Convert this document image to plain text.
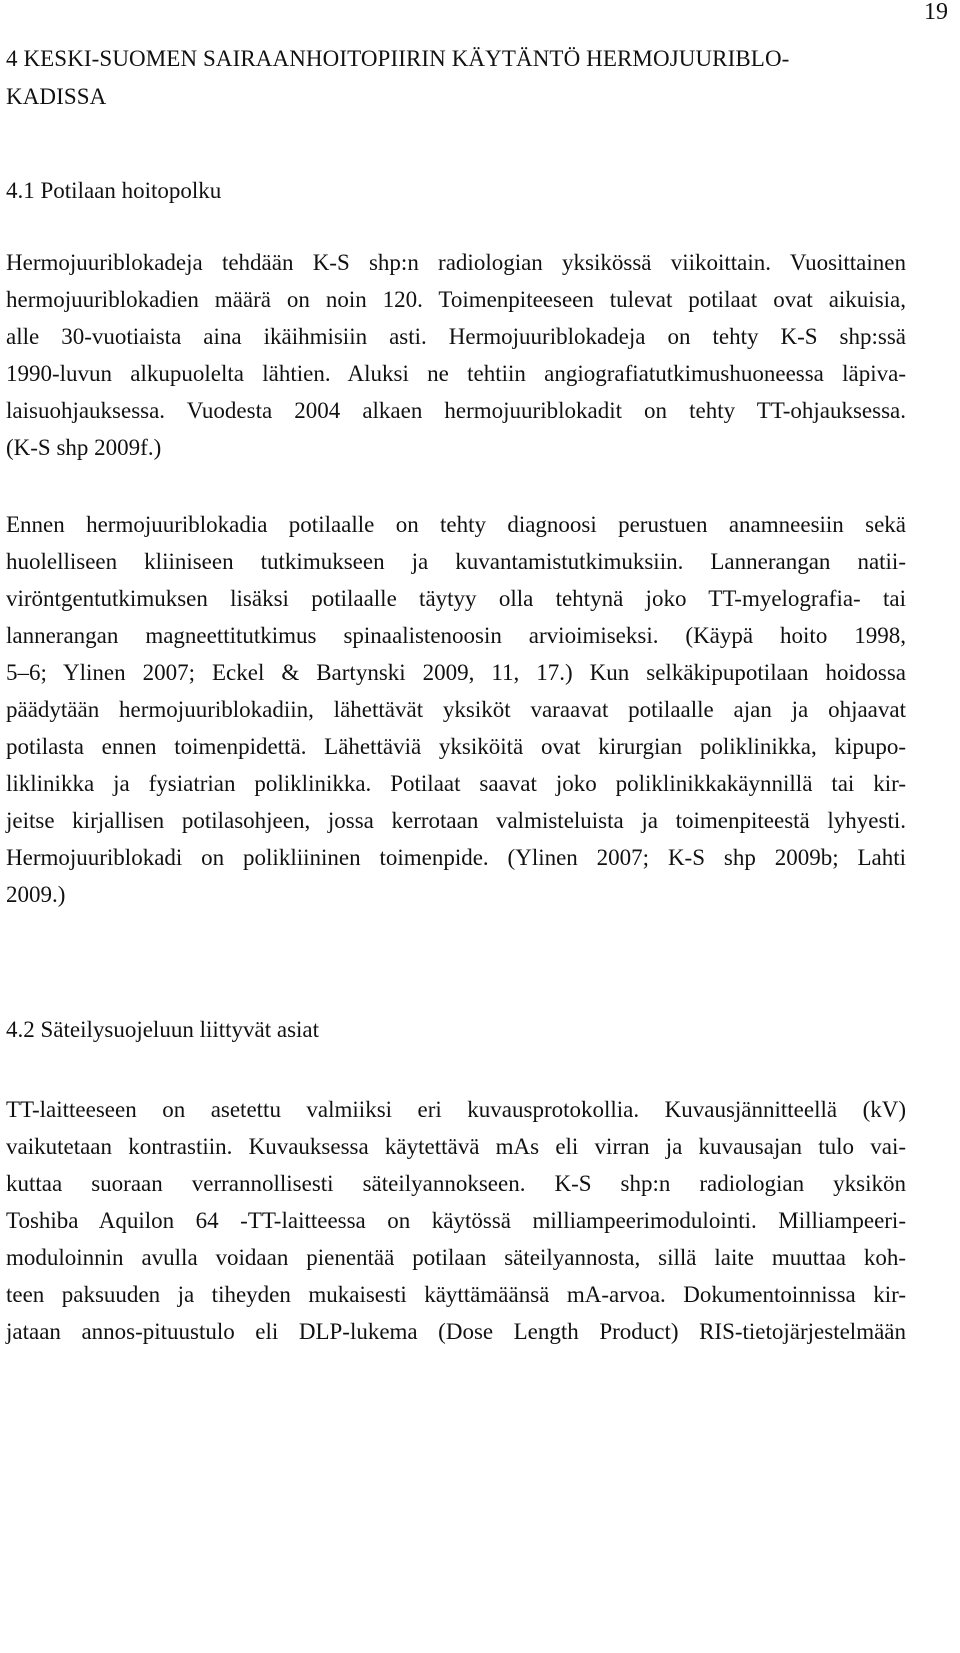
19
4 KESKI-SUOMEN SAIRAANHOITOPIIRIN KÄYTÄNTÖ HERMOJUURIBLO-
KADISSA
4.1 Potilaan hoitopolku

Hermojuuriblokadeja tehdään K-S shp:n radiologian yksikössä viikoittain. Vuosittainen
hermojuuriblokadien määrä on noin 120. Toimenpiteeseen tulevat potilaat ovat aikuisia,
alle 30-vuotiaista aina ikäihmisiin asti. Hermojuuriblokadeja on tehty K-S shp:ssä
1990-luvun alkupuolelta lähtien. Aluksi ne tehtiin angiografiatutkimushuoneessa läpiva-
laisuohjauksessa. Vuodesta 2004 alkaen hermojuuriblokadit on tehty TT-ohjauksessa.
(K-S shp 2009f.)

Ennen hermojuuriblokadia potilaalle on tehty diagnoosi perustuen anamneesiin sekä
huolelliseen kliiniseen tutkimukseen ja kuvantamistutkimuksiin. Lannerangan natii-
viröntgentutkimuksen lisäksi potilaalle täytyy olla tehtynä joko TT-myelografia- tai
lannerangan magneettitutkimus spinaalistenoosin arvioimiseksi. (Käypä hoito 1998,
5–6; Ylinen 2007; Eckel & Bartynski 2009, 11, 17.) Kun selkäkipupotilaan hoidossa
päädytään hermojuuriblokadiin, lähettävät yksiköt varaavat potilaalle ajan ja ohjaavat
potilasta ennen toimenpidettä. Lähettäviä yksiköitä ovat kirurgian poliklinikka, kipupo-
liklinikka ja fysiatrian poliklinikka. Potilaat saavat joko poliklinikkakäynnillä tai kir-
jeitse kirjallisen potilasohjeen, jossa kerrotaan valmisteluista ja toimenpiteestä lyhyesti.
Hermojuuriblokadi on polikliininen toimenpide. (Ylinen 2007; K-S shp 2009b; Lahti
2009.)

4.2 Säteilysuojeluun liittyvät asiat

TT-laitteeseen on asetettu valmiiksi eri kuvausprotokollia. Kuvausjännitteellä (kV)
vaikutetaan kontrastiin. Kuvauksessa käytettävä mAs eli virran ja kuvausajan tulo vai-
kuttaa suoraan verrannollisesti säteilyannokseen. K-S shp:n radiologian yksikön
Toshiba Aquilon 64 -TT-laitteessa on käytössä milliampeerimodulointi. Milliampeeri-
moduloinnin avulla voidaan pienentää potilaan säteilyannosta, sillä laite muuttaa koh-
teen paksuuden ja tiheyden mukaisesti käyttämäänsä mA-arvoa. Dokumentoinnissa kir-
jataan annos-pituustulo eli DLP-lukema (Dose Length Product) RIS-tietojärjestelmään
